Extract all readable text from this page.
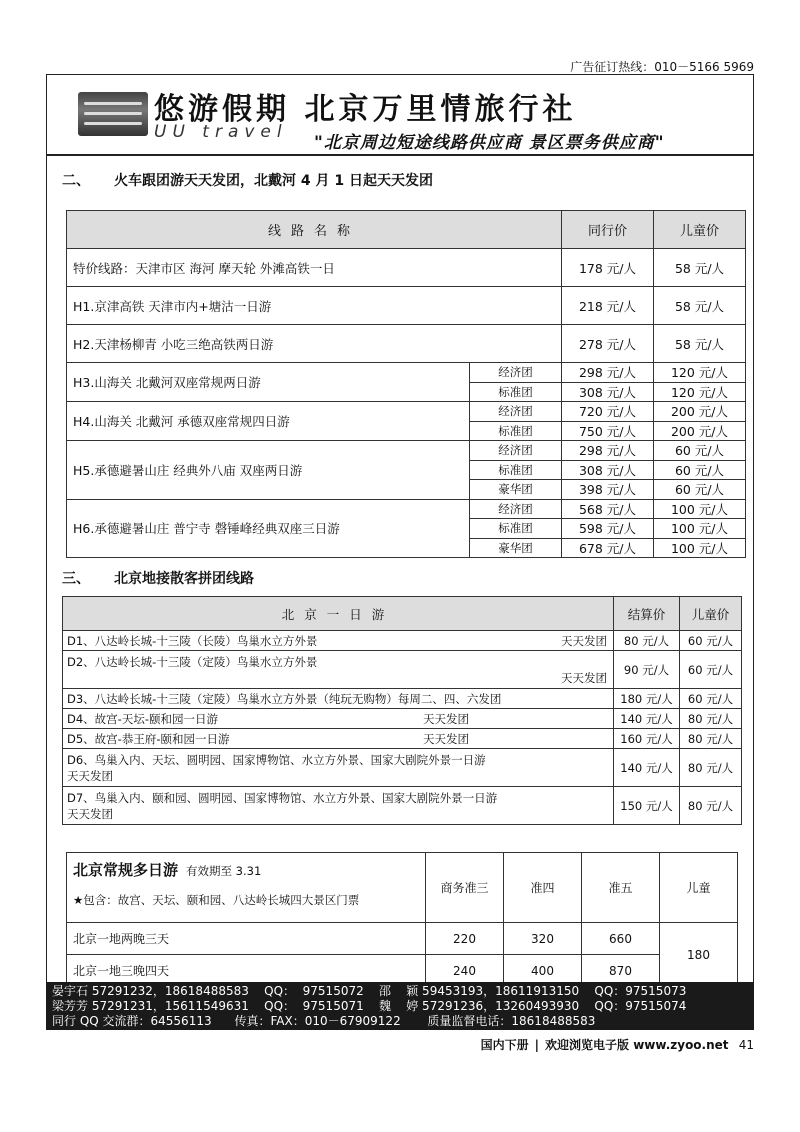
广告征订热线：010－5166 5969
悠游假期 北京万里情旅行社
UU travel
"北京周边短途线路供应商 景区票务供应商"
二、 火车跟团游天天发团，北戴河 4 月 1 日起天天发团
线路名称		同行价	儿童价
特价线路：天津市区 海河 摩天轮 外滩高铁一日		178 元/人	58 元/人
H1.京津高铁 天津市内+塘沽一日游		218 元/人	58 元/人
H2.天津杨柳青 小吃三绝高铁两日游		278 元/人	58 元/人
H3.山海关 北戴河双座常规两日游	经济团	298 元/人	120 元/人
	标准团	308 元/人	120 元/人
H4.山海关 北戴河 承德双座常规四日游	经济团	720 元/人	200 元/人
	标准团	750 元/人	200 元/人
H5.承德避暑山庄 经典外八庙 双座两日游	经济团	298 元/人	60 元/人
	标准团	308 元/人	60 元/人
	豪华团	398 元/人	60 元/人
H6.承德避暑山庄 普宁寺 磬锤峰经典双座三日游	经济团	568 元/人	100 元/人
	标准团	598 元/人	100 元/人
	豪华团	678 元/人	100 元/人
三、 北京地接散客拼团线路
北京一日游	结算价	儿童价
D1、八达岭长城-十三陵（长陵）鸟巢水立方外景 天天发团	80 元/人	60 元/人
D2、八达岭长城-十三陵（定陵）鸟巢水立方外景
天天发团	90 元/人	60 元/人
D3、八达岭长城-十三陵（定陵）鸟巢水立方外景（纯玩无购物）每周二、四、六发团	180 元/人	60 元/人
D4、故宫-天坛-颐和园一日游 天天发团	140 元/人	80 元/人
D5、故宫-恭王府-颐和园一日游 天天发团	160 元/人	80 元/人
D6、鸟巢入内、天坛、圆明园、国家博物馆、水立方外景、国家大剧院外景一日游
天天发团	140 元/人	80 元/人
D7、鸟巢入内、颐和园、圆明园、国家博物馆、水立方外景、国家大剧院外景一日游
天天发团	150 元/人	80 元/人
北京常规多日游 有效期至 3.31
★包含：故宫、天坛、颐和园、八达岭长城四大景区门票	商务准三	准四	准五	儿童
北京一地两晚三天	220	320	660	180
北京一地三晚四天	240	400	870	
晏宇石 57291232，18618488583    QQ：  97515072    邵    颖 59453193，18611913150    QQ：97515073
梁芳芳 57291231，15611549631    QQ：  97515071    魏    婷 57291236，13260493930    QQ：97515074
同行 QQ 交流群：64556113      传真：FAX：010－67909122       质量监督电话：18618488583
国内下册 | 欢迎浏览电子版 www.zyoo.net 41
